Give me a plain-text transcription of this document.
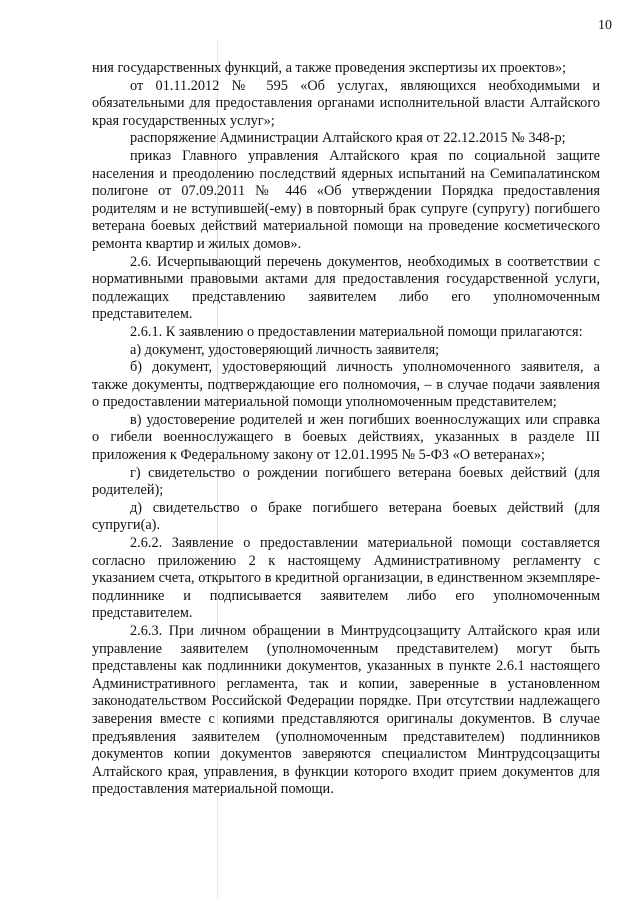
10

ния государственных функций, а также проведения экспертизы их проектов»;

от 01.11.2012 № 595 «Об услугах, являющихся необходимыми и обязательными для предоставления органами исполнительной власти Алтайского края государственных услуг»;

распоряжение Администрации Алтайского края от 22.12.2015 № 348-р;

приказ Главного управления Алтайского края по социальной защите населения и преодолению последствий ядерных испытаний на Семипалатинском полигоне от 07.09.2011 № 446 «Об утверждении Порядка предоставления родителям и не вступившей(-ему) в повторный брак супруге (супругу) погибшего ветерана боевых действий материальной помощи на проведение косметического ремонта квартир и жилых домов».

2.6. Исчерпывающий перечень документов, необходимых в соответствии с нормативными правовыми актами для предоставления государственной услуги, подлежащих представлению заявителем либо его уполномоченным представителем.

2.6.1. К заявлению о предоставлении материальной помощи прилагаются:

а) документ, удостоверяющий личность заявителя;

б) документ, удостоверяющий личность уполномоченного заявителя, а также документы, подтверждающие его полномочия, – в случае подачи заявления о предоставлении материальной помощи уполномоченным представителем;

в) удостоверение родителей и жен погибших военнослужащих или справка о гибели военнослужащего в боевых действиях, указанных в разделе III приложения к Федеральному закону от 12.01.1995 № 5-ФЗ «О ветеранах»;

г) свидетельство о рождении погибшего ветерана боевых действий (для родителей);

д) свидетельство о браке погибшего ветерана боевых действий (для супруги(а).

2.6.2. Заявление о предоставлении материальной помощи составляется согласно приложению 2 к настоящему Административному регламенту с указанием счета, открытого в кредитной организации, в единственном экземпляре-подлиннике и подписывается заявителем либо его уполномоченным представителем.

2.6.3. При личном обращении в Минтрудсоцзащиту Алтайского края или управление заявителем (уполномоченным представителем) могут быть представлены как подлинники документов, указанных в пункте 2.6.1 настоящего Административного регламента, так и копии, заверенные в установленном законодательством Российской Федерации порядке. При отсутствии надлежащего заверения вместе с копиями представляются оригиналы документов. В случае предъявления заявителем (уполномоченным представителем) подлинников документов копии документов заверяются специалистом Минтрудсоцзащиты Алтайского края, управления, в функции которого входит прием документов для предоставления материальной помощи.
